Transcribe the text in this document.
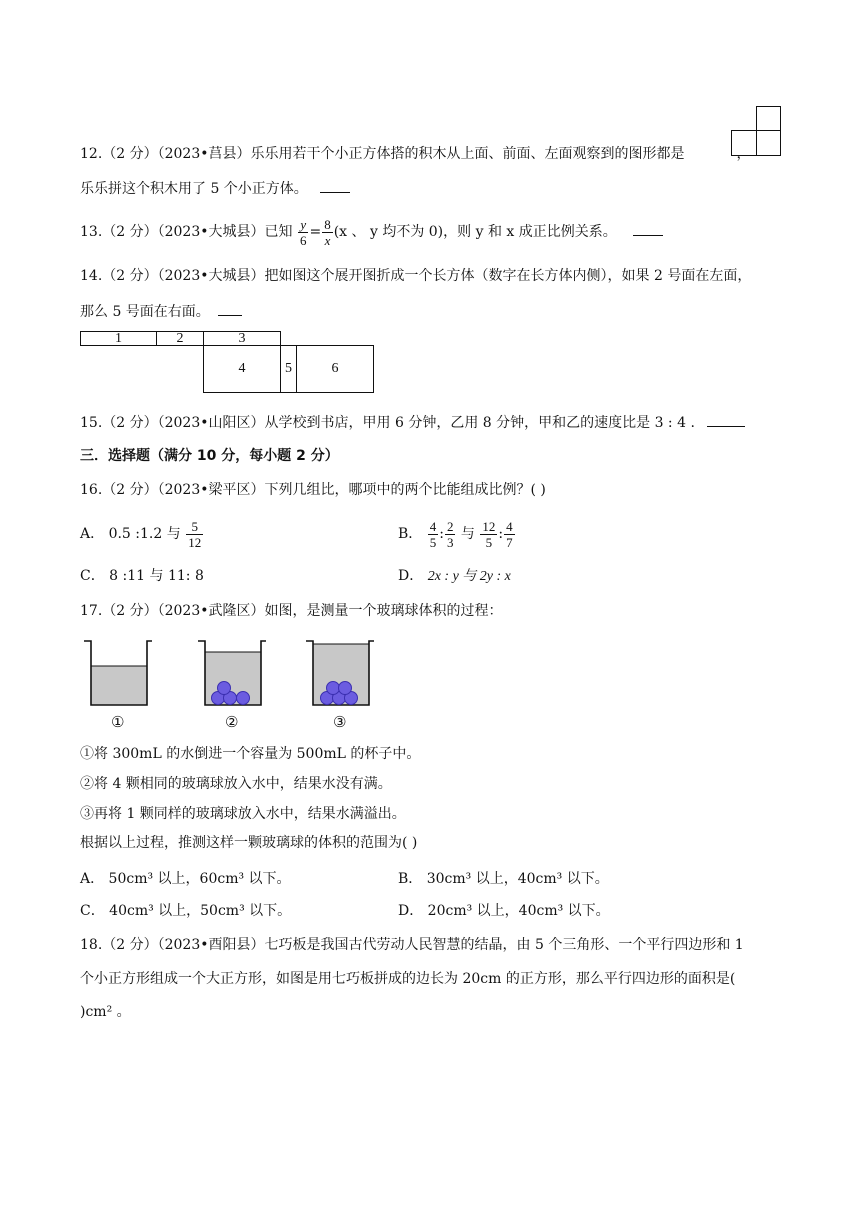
12.（2 分）（2023•莒县）乐乐用若干个小正方体搭的积木从上面、前面、左面观察到的图形都是
乐乐拼这个积木用了 5 个小正方体。
13.（2 分）（2023•大城县）已知 $\frac{y}{6} = \frac{8}{x} (x$ 、 y 均不为 0)，则 y 和 x 成正比例关系。
14.（2 分）（2023•大城县）把如图这个展开图折成一个长方体（数字在长方体内侧），如果 2 号面在左面，
那么 5 号面在右面。
1	2	3
4	5	6
15.（2 分）（2023•山阳区）从学校到书店，甲用 6 分钟，乙用 8 分钟，甲和乙的速度比是 3 : 4 .
三．选择题（满分 10 分，每小题 2 分）
16.（2 分）（2023•梁平区）下列几组比，哪项中的两个比能组成比例？( )
A． 0.5 :1.2 与 $\frac{5}{12}$	B． $\frac{4}{5}$ : $\frac{2}{3}$ 与 $\frac{12}{5}$ : $\frac{4}{7}$
C． 8 :11 与 11: 8	D． 2x : y 与 2y : x
17.（2 分）（2023•武隆区）如图，是测量一个玻璃球体积的过程：
①	②	③
①将 300mL 的水倒进一个容量为 500mL 的杯子中。
②将 4 颗相同的玻璃球放入水中，结果水没有满。
③再将 1 颗同样的玻璃球放入水中，结果水满溢出。
根据以上过程，推测这样一颗玻璃球的体积的范围为( )
A． 50cm³ 以上，60cm³ 以下。	B． 30cm³ 以上，40cm³ 以下。
C． 40cm³ 以上，50cm³ 以下。	D． 20cm³ 以上，40cm³ 以下。
18.（2 分）（2023•酉阳县）七巧板是我国古代劳动人民智慧的结晶，由 5 个三角形、一个平行四边形和 1
个小正方形组成一个大正方形，如图是用七巧板拼成的边长为 20cm 的正方形，那么平行四边形的面积是(
)cm² 。
